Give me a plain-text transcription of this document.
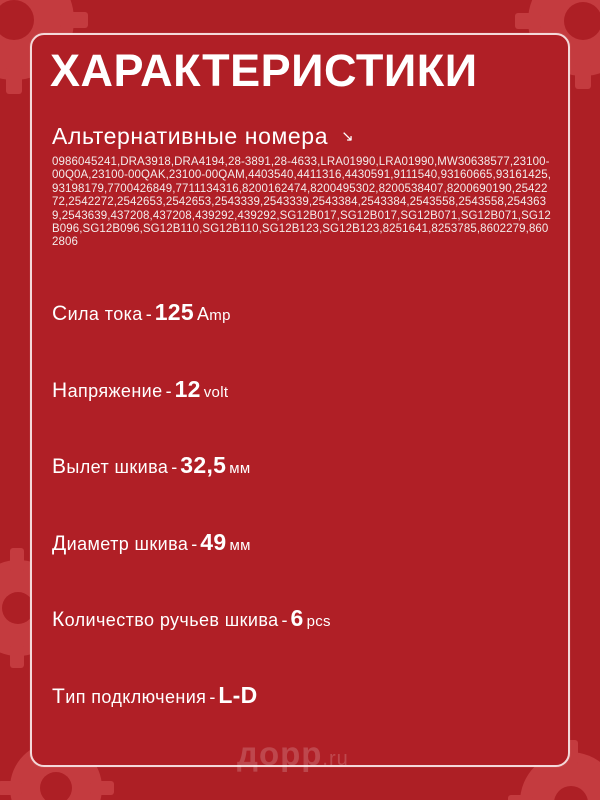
ХАРАКТЕРИСТИКИ
Альтернативные номера ↘
0986045241,DRA3918,DRA4194,28-3891,28-4633,LRA01990,LRA01990,MW30638577,23100-00Q0A,23100-00QAK,23100-00QAM,4403540,4411316,4430591,9111540,93160665,93161425,93198179,7700426849,7711134316,8200162474,8200495302,8200538407,8200690190,2542272,2542272,2542653,2542653,2543339,2543339,2543384,2543384,2543558,2543558,2543639,2543639,437208,437208,439292,439292,SG12B017,SG12B017,SG12B071,SG12B071,SG12B096,SG12B096,SG12B110,SG12B110,SG12B123,SG12B123,8251641,8253785,8602279,8602806
Сила тока - 125 Amp
Напряжение - 12 volt
Вылет шкива - 32,5 мм
Диаметр шкива - 49 мм
Количество ручьев шкива - 6 pcs
Тип подключения - L-D
дорр.ru
